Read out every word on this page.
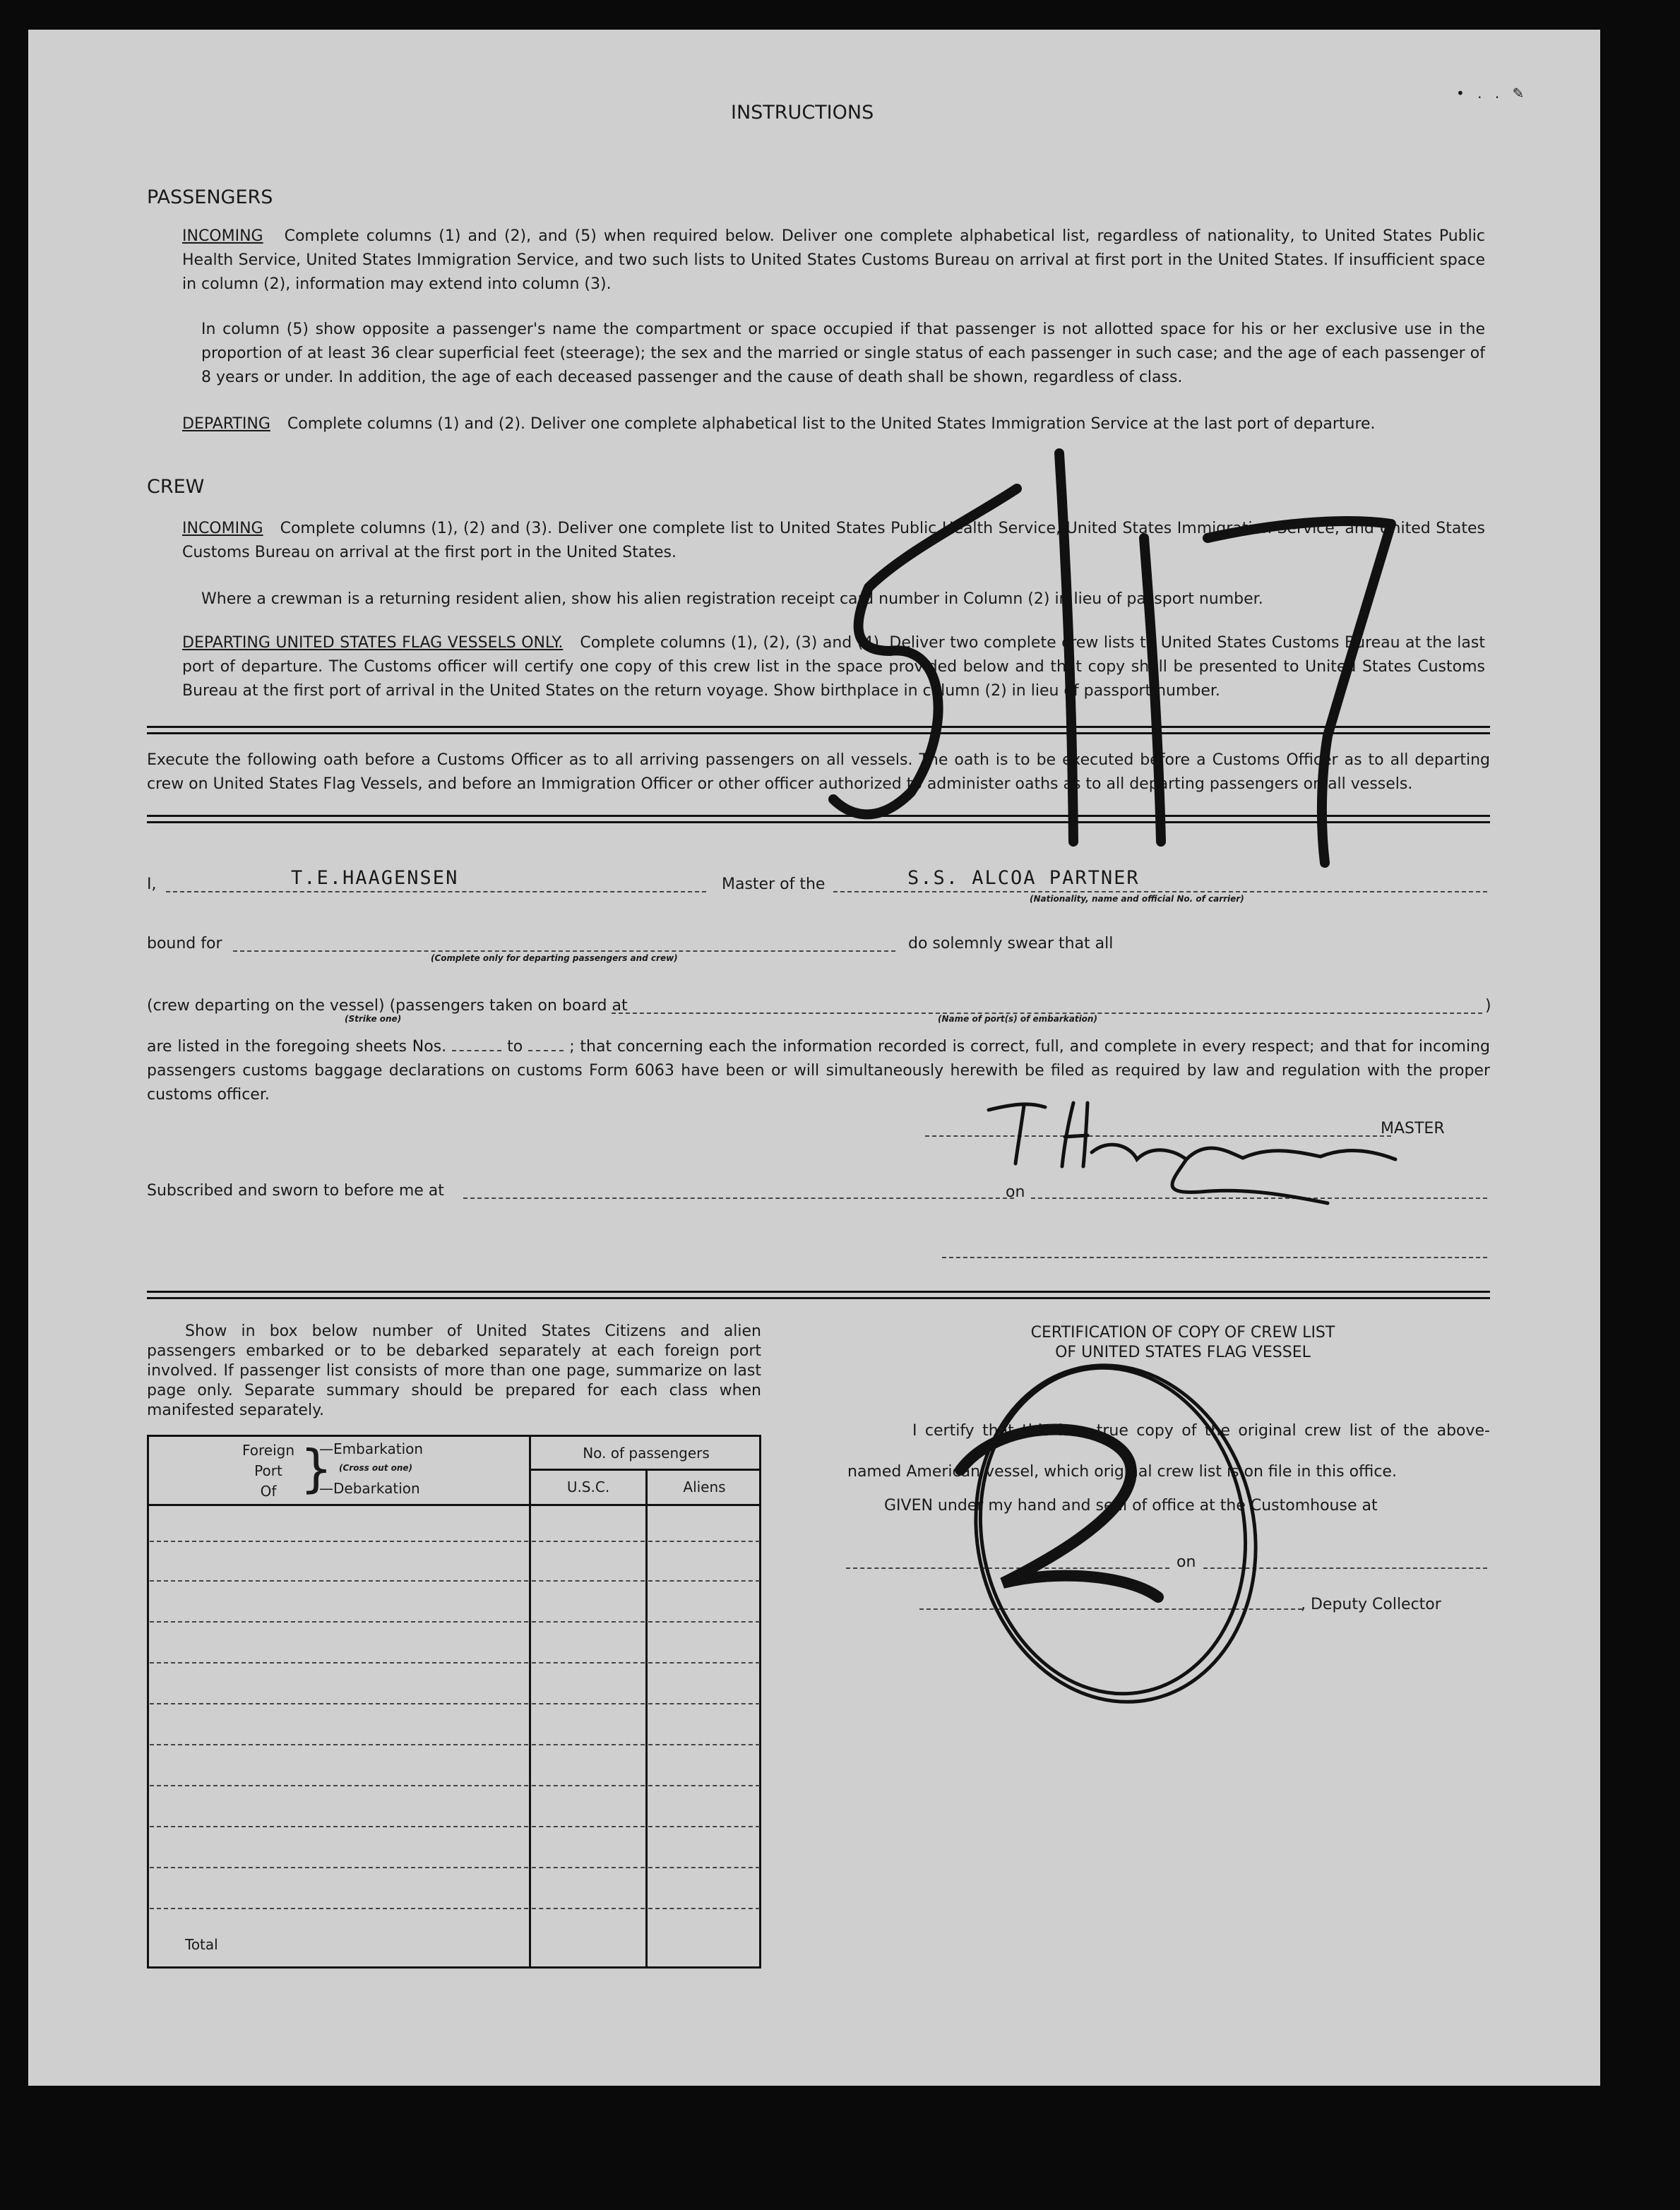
INSTRUCTIONS
• . . ✎
PASSENGERS
INCOMING Complete columns (1) and (2), and (5) when required below. Deliver one complete alphabetical list, regardless of nationality, to United States Public Health Service, United States Immigration Service, and two such lists to United States Customs Bureau on arrival at first port in the United States. If insufficient space in column (2), information may extend into column (3).
In column (5) show opposite a passenger's name the compartment or space occupied if that passenger is not allotted space for his or her exclusive use in the proportion of at least 36 clear superficial feet (steerage); the sex and the married or single status of each passenger in such case; and the age of each passenger of 8 years or under. In addition, the age of each deceased passenger and the cause of death shall be shown, regardless of class.
DEPARTING Complete columns (1) and (2). Deliver one complete alphabetical list to the United States Immigration Service at the last port of departure.
CREW
INCOMING Complete columns (1), (2) and (3). Deliver one complete list to United States Public Health Service, United States Immigration Service, and United States Customs Bureau on arrival at the first port in the United States.
Where a crewman is a returning resident alien, show his alien registration receipt card number in Column (2) in lieu of passport number.
DEPARTING UNITED STATES FLAG VESSELS ONLY. Complete columns (1), (2), (3) and (4). Deliver two complete crew lists to United States Customs Bureau at the last port of departure. The Customs officer will certify one copy of this crew list in the space provided below and that copy shall be presented to United States Customs Bureau at the first port of arrival in the United States on the return voyage. Show birthplace in column (2) in lieu of passport number.
Execute the following oath before a Customs Officer as to all arriving passengers on all vessels. The oath is to be executed before a Customs Officer as to all departing crew on United States Flag Vessels, and before an Immigration Officer or other officer authorized to administer oaths as to all departing passengers on all vessels.
I,	T.E.HAAGENSEN	Master of the	S.S. ALCOA PARTNER
(Nationality, name and official No. of carrier)
bound for
(Complete only for departing passengers and crew)
do solemnly swear that all
(crew departing on the vessel) (passengers taken on board at	)
(Strike one)	(Name of port(s) of embarkation)
are listed in the foregoing sheets Nos.	to	; that concerning each the information recorded is correct, full, and complete in every respect; and that for incoming passengers customs baggage declarations on customs Form 6063 have been or will simultaneously herewith be filed as required by law and regulation with the proper customs officer.
MASTER
Subscribed and sworn to before me at	on
Show in box below number of United States Citizens and alien passengers embarked or to be debarked separately at each foreign port involved. If passenger list consists of more than one page, summarize on last page only. Separate summary should be prepared for each class when manifested separately.
Foreign
Port
Of }
—Embarkation
(Cross out one)
—Debarkation
No. of passengers
U.S.C.	Aliens
Total
CERTIFICATION OF COPY OF CREW LIST
OF UNITED STATES FLAG VESSEL
I certify that this is a true copy of the original crew list of the above-named American vessel, which original crew list is on file in this office.
GIVEN under my hand and seal of office at the Customhouse at
on
, Deputy Collector
